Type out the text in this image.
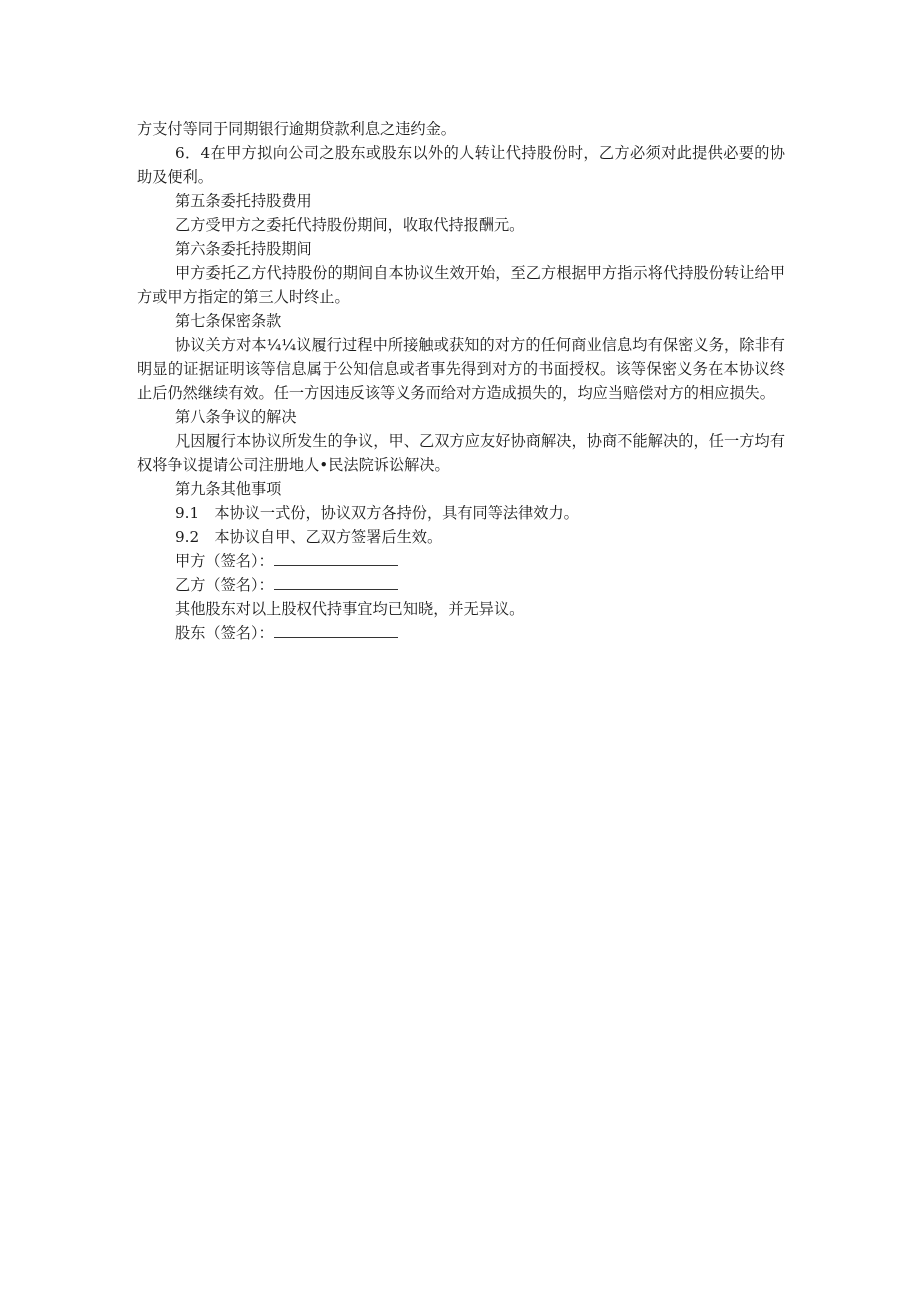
方支付等同于同期银行逾期贷款利息之违约金。

6．4在甲方拟向公司之股东或股东以外的人转让代持股份时，乙方必须对此提供必要的协助及便利。

第五条委托持股费用

乙方受甲方之委托代持股份期间，收取代持报酬元。

第六条委托持股期间

甲方委托乙方代持股份的期间自本协议生效开始，至乙方根据甲方指示将代持股份转让给甲方或甲方指定的第三人时终止。

第七条保密条款

协议关方对本¼¼议履行过程中所接触或获知的对方的任何商业信息均有保密义务，除非有明显的证据证明该等信息属于公知信息或者事先得到对方的书面授权。该等保密义务在本协议终止后仍然继续有效。任一方因违反该等义务而给对方造成损失的，均应当赔偿对方的相应损失。

第八条争议的解决

凡因履行本协议所发生的争议，甲、乙双方应友好协商解决，协商不能解决的，任一方均有权将争议提请公司注册地人•民法院诉讼解决。

第九条其他事项

9.1　本协议一式份，协议双方各持份，具有同等法律效力。

9.2　本协议自甲、乙双方签署后生效。

甲方（签名）：

乙方（签名）：

其他股东对以上股权代持事宜均已知晓，并无异议。

股东（签名）：
